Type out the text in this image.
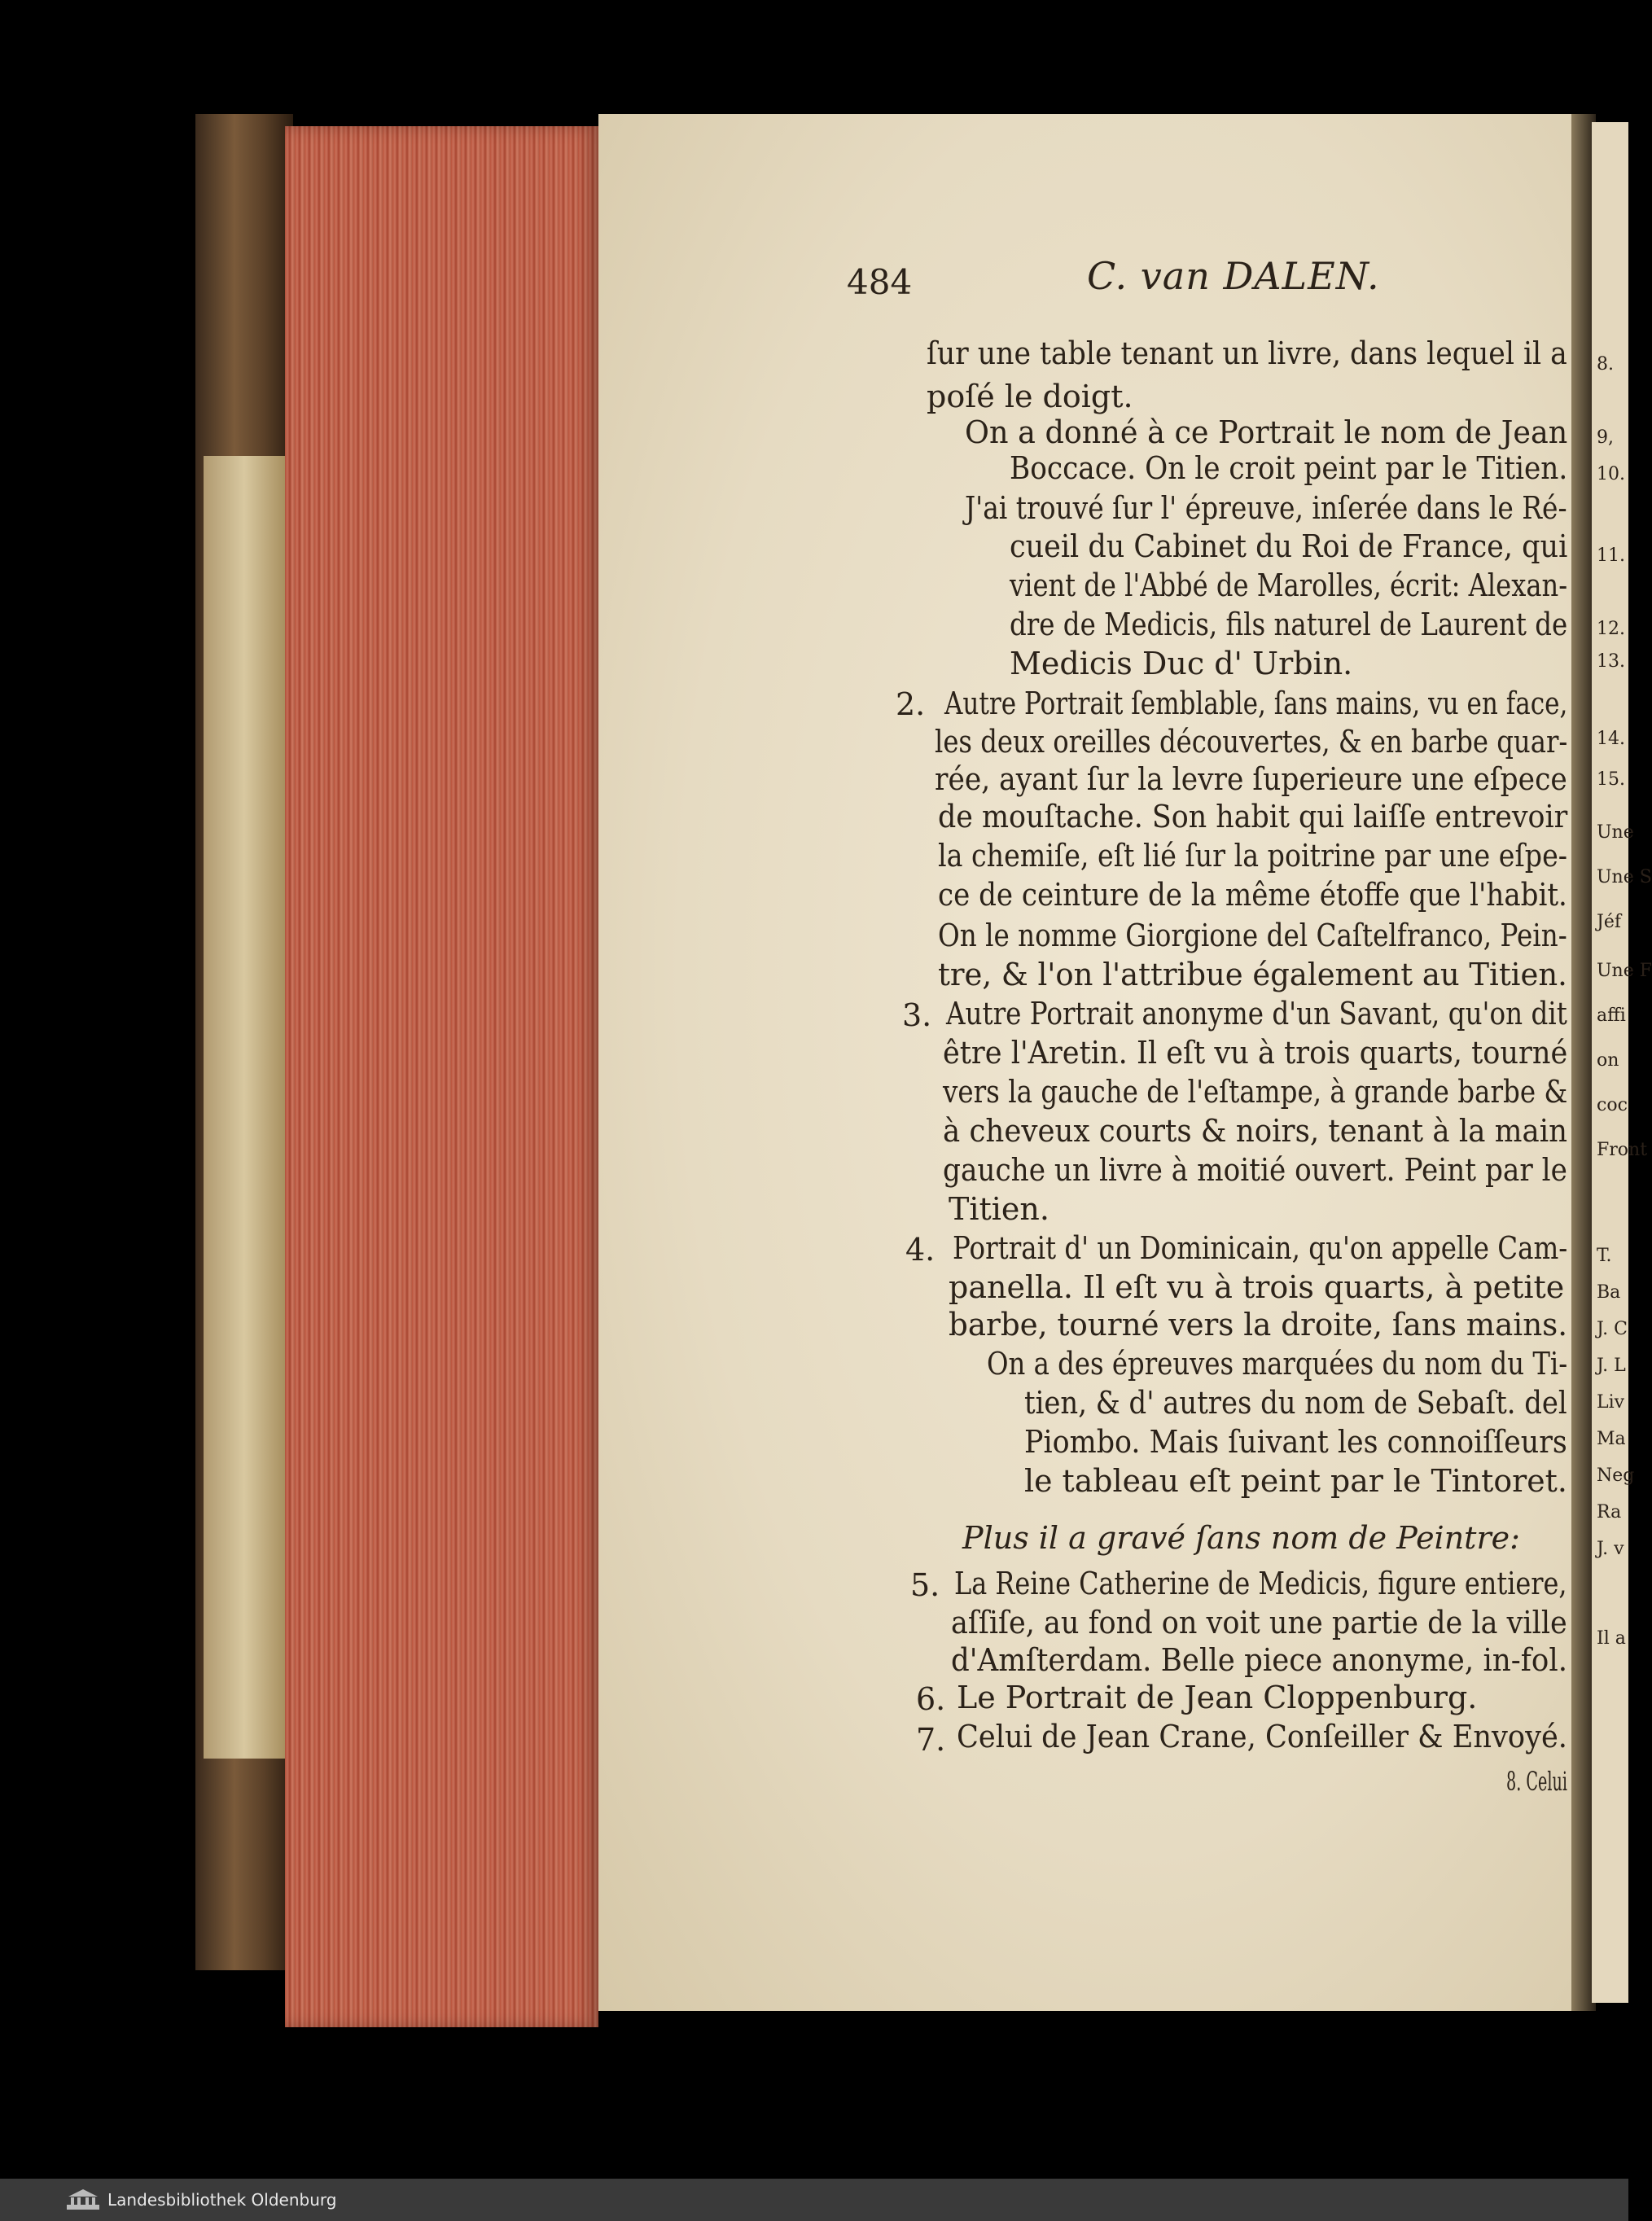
8.
9,
10.
11.
12.
13.
14.
15.
Une
Une S
Jéf
Une F
affi
on
coc
Front
T.
Ba
J. C
J. L
Liv
Ma
Neg
Ra
J. v
Il a
484	C. van DALEN.
ſur une table tenant un livre, dans lequel il a
poſé le doigt.
On a donné à ce Portrait le nom de Jean
Boccace. On le croit peint par le Titien.
J'ai trouvé ſur l' épreuve, inſerée dans le Ré-
cueil du Cabinet du Roi de France, qui
vient de l'Abbé de Marolles, écrit: Alexan-
dre de Medicis, fils naturel de Laurent de
Medicis Duc d' Urbin.
2. Autre Portrait ſemblable, ſans mains, vu en face,
les deux oreilles découvertes, & en barbe quar-
rée, ayant ſur la levre ſuperieure une eſpece
de mouſtache. Son habit qui laiſſe entrevoir
la chemiſe, eſt lié ſur la poitrine par une eſpe-
ce de ceinture de la même étoffe que l'habit.
On le nomme Giorgione del Caſtelfranco, Pein-
tre, & l'on l'attribue également au Titien.
3. Autre Portrait anonyme d'un Savant, qu'on dit
être l'Aretin. Il eſt vu à trois quarts, tourné
vers la gauche de l'eſtampe, à grande barbe &
à cheveux courts & noirs, tenant à la main
gauche un livre à moitié ouvert. Peint par le
Titien.
4. Portrait d' un Dominicain, qu'on appelle Cam-
panella. Il eſt vu à trois quarts, à petite
barbe, tourné vers la droite, ſans mains.
On a des épreuves marquées du nom du Ti-
tien, & d' autres du nom de Sebaſt. del
Piombo. Mais ſuivant les connoiſſeurs
le tableau eſt peint par le Tintoret.
Plus il a gravé ſans nom de Peintre:
5. La Reine Catherine de Medicis, figure entiere,
aſſiſe, au fond on voit une partie de la ville
d'Amſterdam. Belle piece anonyme, in-fol.
6. Le Portrait de Jean Cloppenburg.
7. Celui de Jean Crane, Conſeiller & Envoyé.
8. Celui
Landesbibliothek Oldenburg
